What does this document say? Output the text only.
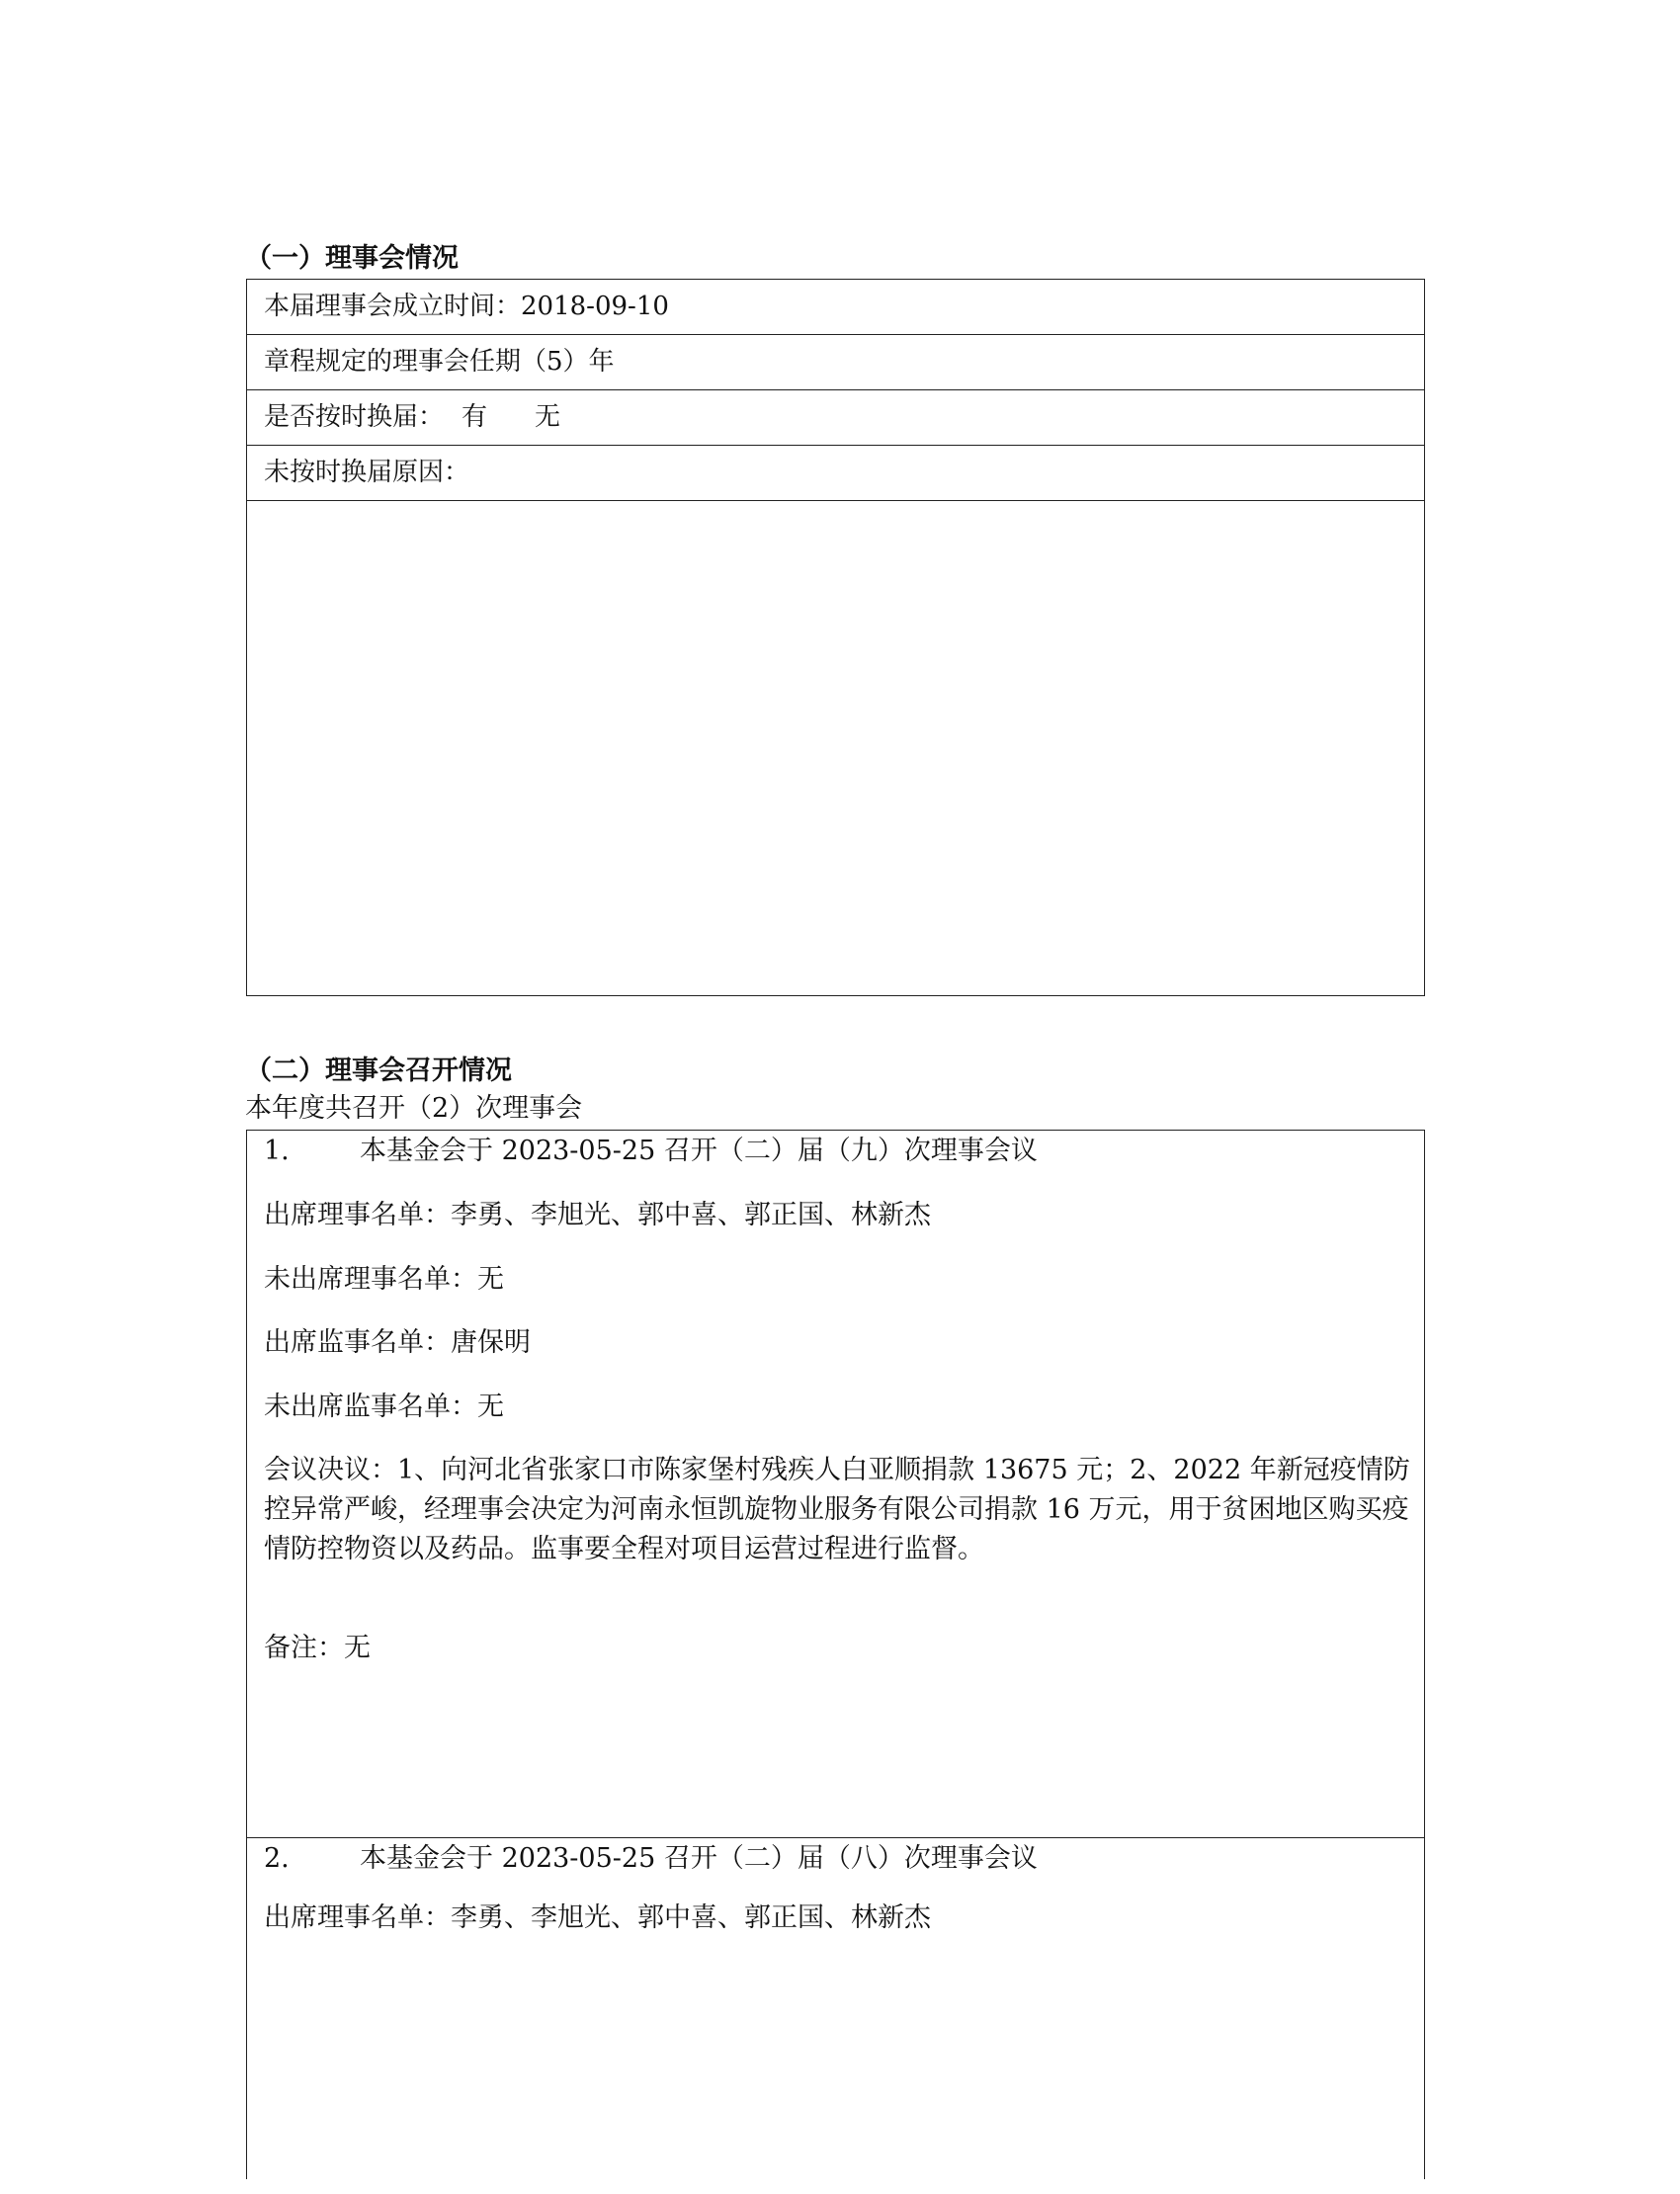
（一）理事会情况
本届理事会成立时间：2018-09-10
章程规定的理事会任期（5）年
是否按时换届： 有 无
未按时换届原因：
（二）理事会召开情况
本年度共召开（2）次理事会
1.	本基金会于 2023-05-25 召开（二）届（九）次理事会议
出席理事名单：李勇、李旭光、郭中喜、郭正国、林新杰
未出席理事名单：无
出席监事名单：唐保明
未出席监事名单：无
会议决议：1、向河北省张家口市陈家堡村残疾人白亚顺捐款 13675 元；2、2022 年新冠疫情防控异常严峻，经理事会决定为河南永恒凯旋物业服务有限公司捐款 16 万元，用于贫困地区购买疫情防控物资以及药品。监事要全程对项目运营过程进行监督。
备注：无
2.	本基金会于 2023-05-25 召开（二）届（八）次理事会议
出席理事名单：李勇、李旭光、郭中喜、郭正国、林新杰
